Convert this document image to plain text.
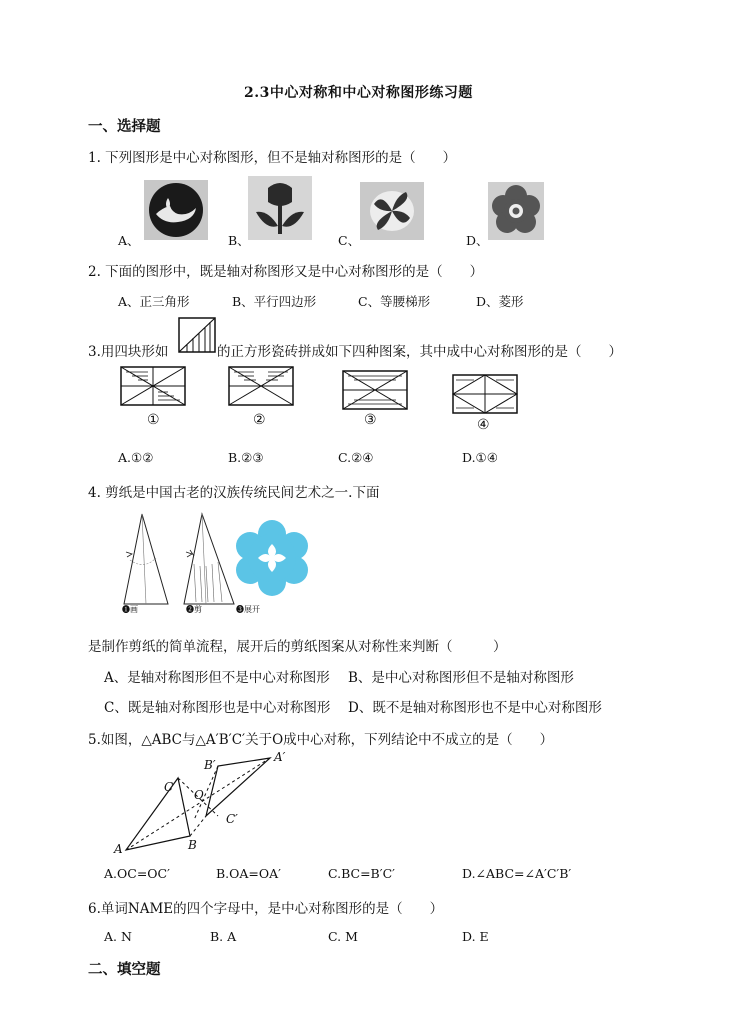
2.3中心对称和中心对称图形练习题
一、选择题
1. 下列图形是中心对称图形，但不是轴对称图形的是（　　）
A、	B、	C、	D、
2. 下面的图形中，既是轴对称图形又是中心对称图形的是（　　）
A、正三角形	B、平行四边形	C、等腰梯形	D、菱形
3.用四块形如	的正方形瓷砖拼成如下四种图案，其中成中心对称图形的是（　　）
①	②	③	④
A.①②	B.②③	C.②④	D.①④
4. 剪纸是中国古老的汉族传统民间艺术之一.下面
❶画	❷剪	❸展开
是制作剪纸的简单流程，展开后的剪纸图案从对称性来判断（　　　）
A、是轴对称图形但不是中心对称图形 B、是中心对称图形但不是轴对称图形
C、既是轴对称图形也是中心对称图形 D、既不是轴对称图形也不是中心对称图形
5.如图，△ABC与△A′B′C′关于O成中心对称，下列结论中不成立的是（　　）
A	B
C
O
A′
B′
C′
A.OC=OC′	B.OA=OA′	C.BC=B′C′	D.∠ABC=∠A′C′B′
6.单词NAME的四个字母中，是中心对称图形的是（　　）
A. N	B. A	C. M	D. E
二、填空题
